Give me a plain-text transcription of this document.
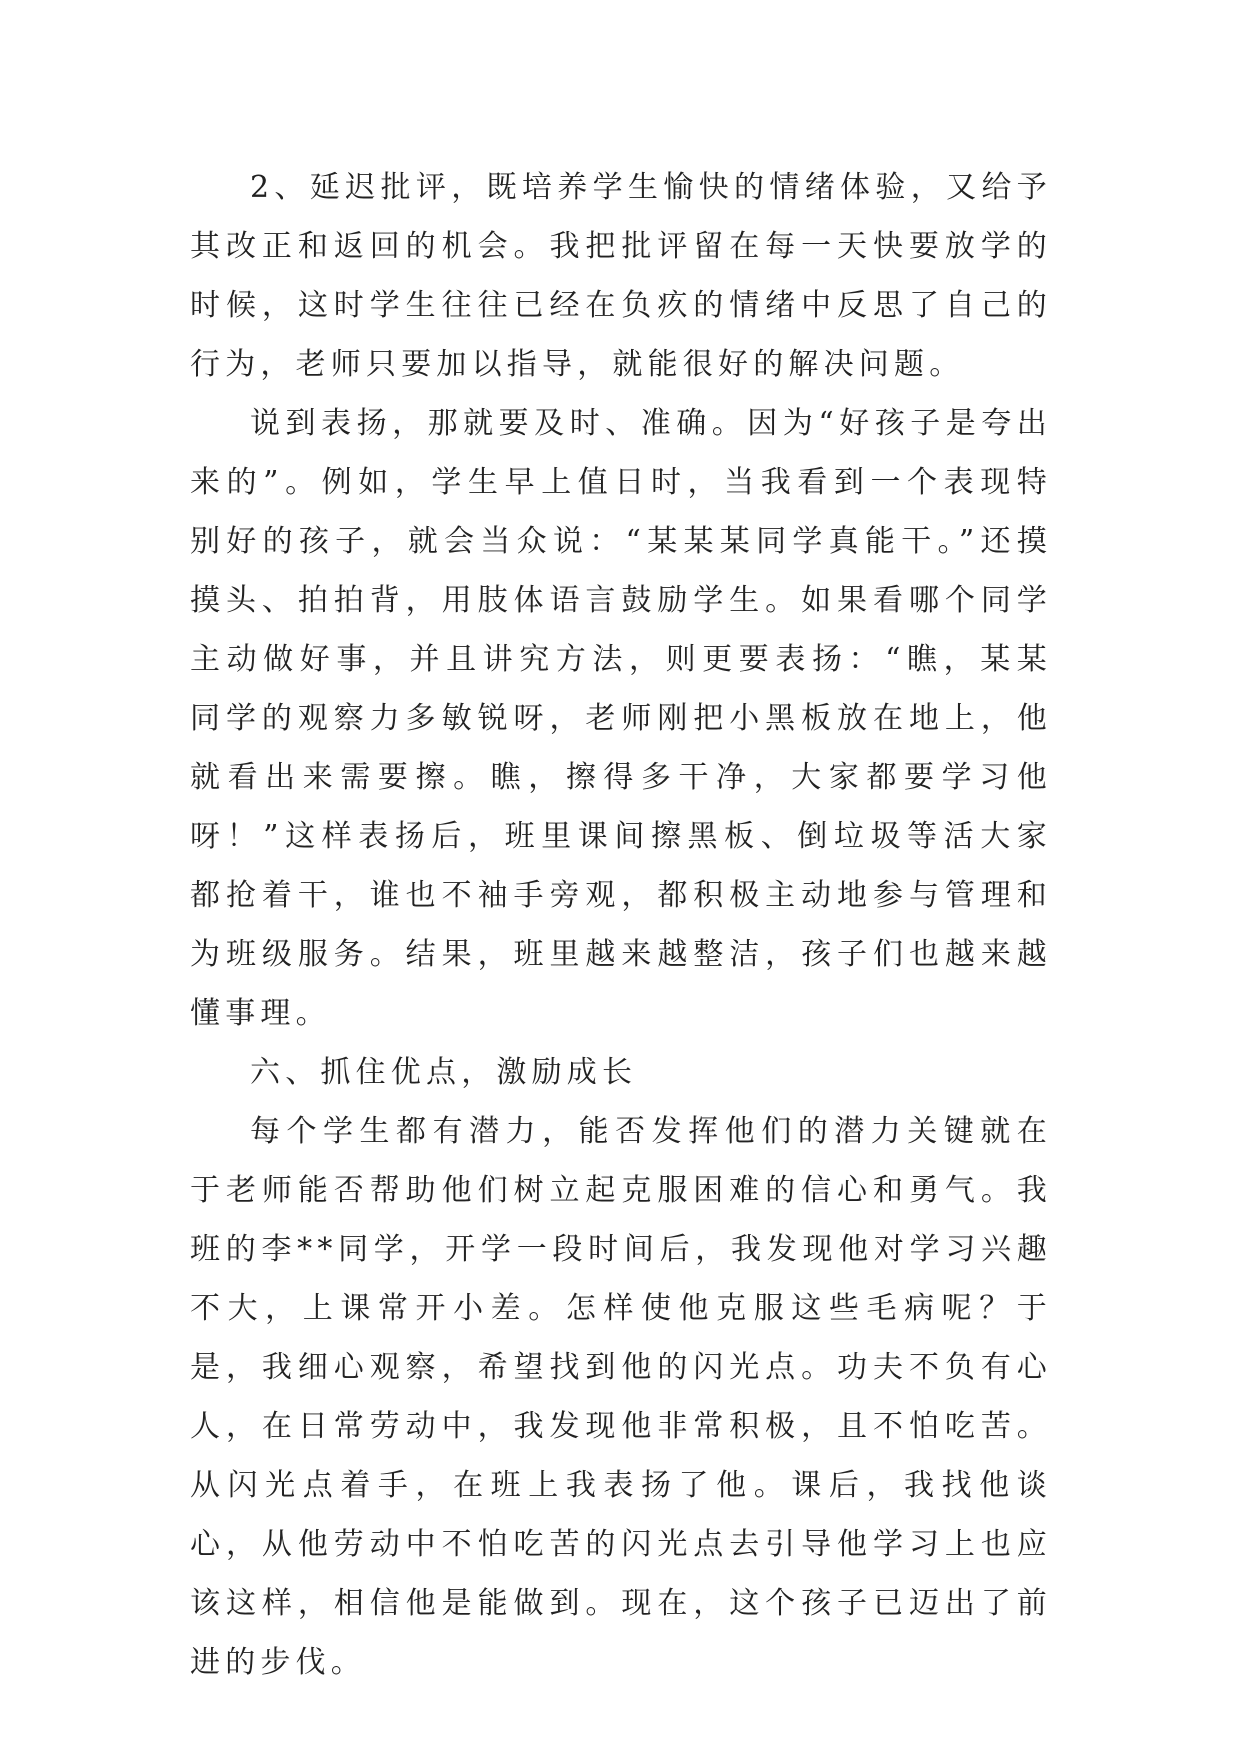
2、延迟批评，既培养学生愉快的情绪体验，又给予其改正和返回的机会。我把批评留在每一天快要放学的时候，这时学生往往已经在负疚的情绪中反思了自己的行为，老师只要加以指导，就能很好的解决问题。

说到表扬，那就要及时、准确。因为“好孩子是夸出来的”。例如，学生早上值日时，当我看到一个表现特别好的孩子，就会当众说：“某某某同学真能干。”还摸摸头、拍拍背，用肢体语言鼓励学生。如果看哪个同学主动做好事，并且讲究方法，则更要表扬：“瞧，某某同学的观察力多敏锐呀，老师刚把小黑板放在地上，他就看出来需要擦。瞧，擦得多干净，大家都要学习他呀！”这样表扬后，班里课间擦黑板、倒垃圾等活大家都抢着干，谁也不袖手旁观，都积极主动地参与管理和为班级服务。结果，班里越来越整洁，孩子们也越来越懂事理。

六、抓住优点，激励成长

每个学生都有潜力，能否发挥他们的潜力关键就在于老师能否帮助他们树立起克服困难的信心和勇气。我班的李**同学，开学一段时间后，我发现他对学习兴趣不大，上课常开小差。怎样使他克服这些毛病呢？于是，我细心观察，希望找到他的闪光点。功夫不负有心人，在日常劳动中，我发现他非常积极，且不怕吃苦。从闪光点着手，在班上我表扬了他。课后，我找他谈心，从他劳动中不怕吃苦的闪光点去引导他学习上也应该这样，相信他是能做到。现在，这个孩子已迈出了前进的步伐。
